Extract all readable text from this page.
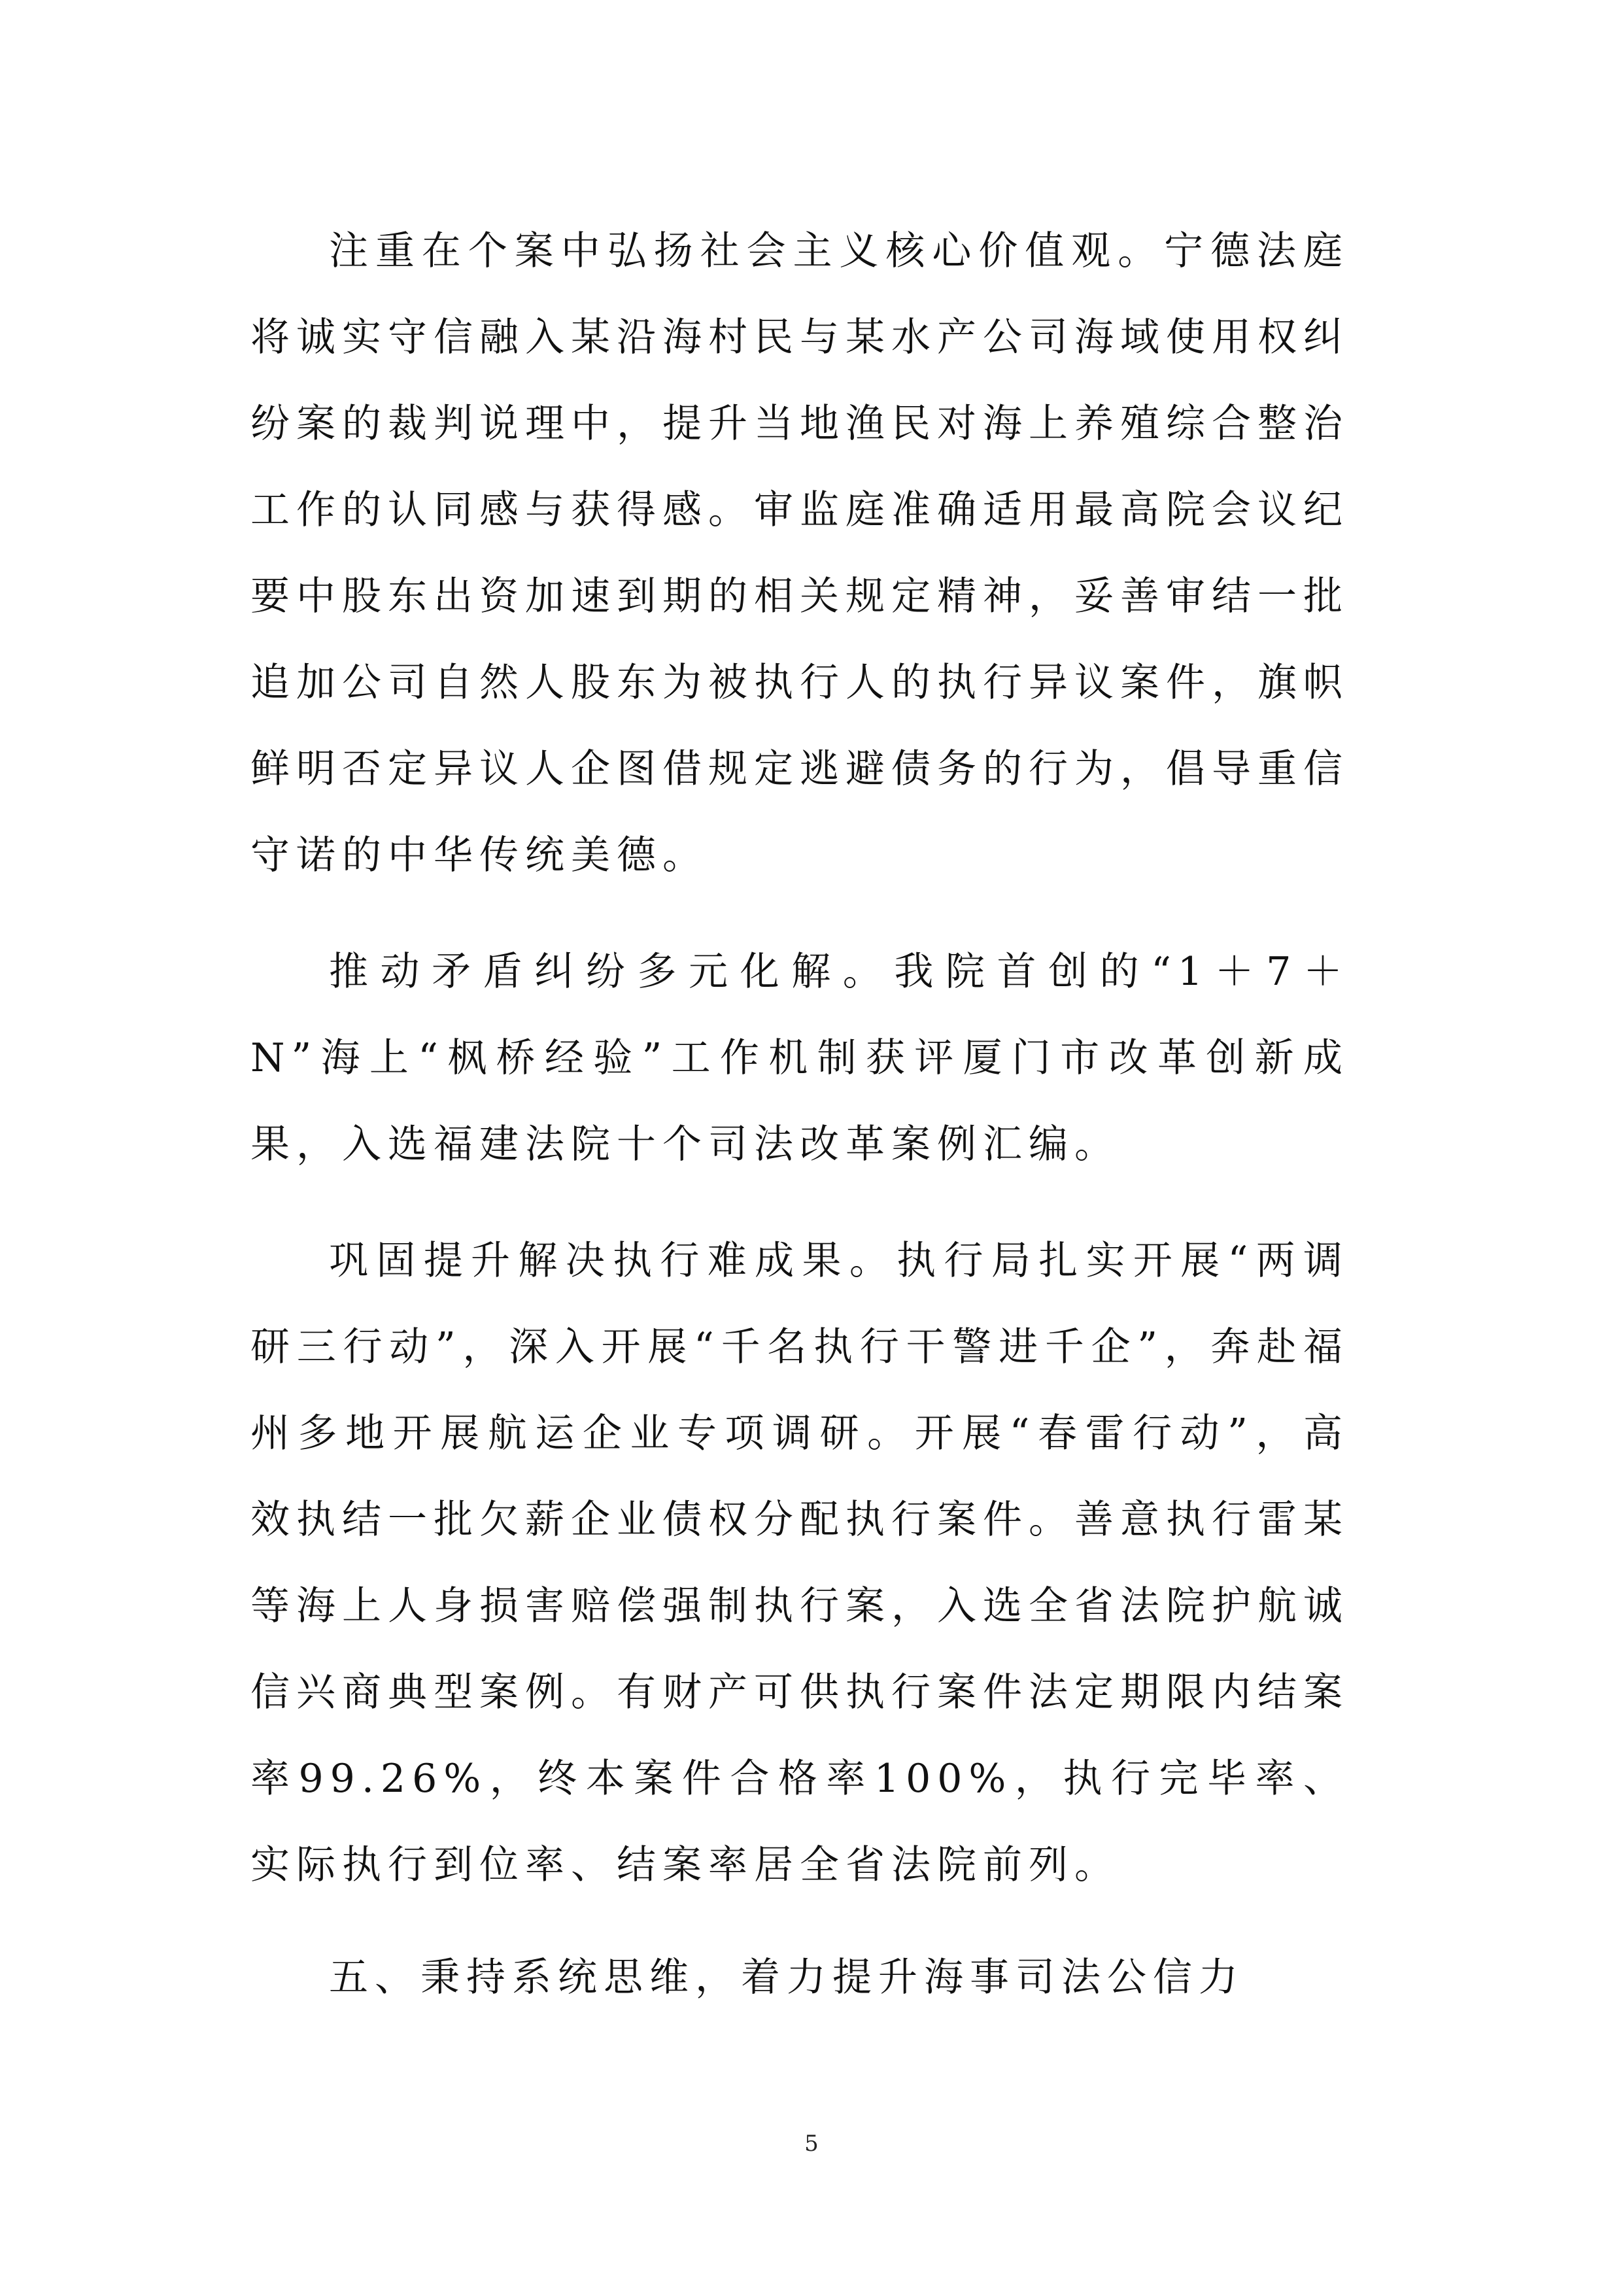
注重在个案中弘扬社会主义核心价值观。宁德法庭将诚实守信融入某沿海村民与某水产公司海域使用权纠纷案的裁判说理中，提升当地渔民对海上养殖综合整治工作的认同感与获得感。审监庭准确适用最高院会议纪要中股东出资加速到期的相关规定精神，妥善审结一批追加公司自然人股东为被执行人的执行异议案件，旗帜鲜明否定异议人企图借规定逃避债务的行为，倡导重信守诺的中华传统美德。

推动矛盾纠纷多元化解。我院首创的“1＋7＋N”海上“枫桥经验”工作机制获评厦门市改革创新成果，入选福建法院十个司法改革案例汇编。

巩固提升解决执行难成果。执行局扎实开展“两调研三行动”，深入开展“千名执行干警进千企”，奔赴福州多地开展航运企业专项调研。开展“春雷行动”，高效执结一批欠薪企业债权分配执行案件。善意执行雷某等海上人身损害赔偿强制执行案，入选全省法院护航诚信兴商典型案例。有财产可供执行案件法定期限内结案率99.26%，终本案件合格率100%，执行完毕率、实际执行到位率、结案率居全省法院前列。

五、秉持系统思维，着力提升海事司法公信力

5
